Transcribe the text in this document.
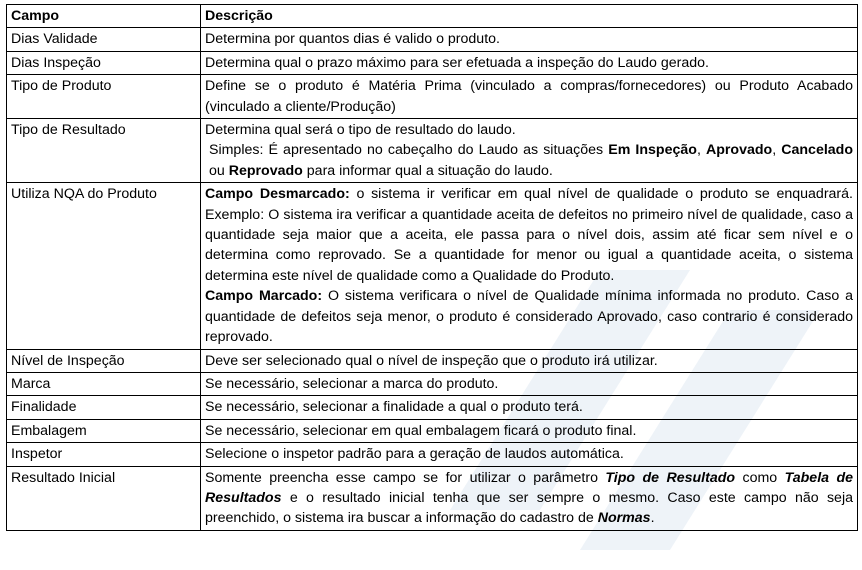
Campo	Descrição
Dias Validade	Determina por quantos dias é valido o produto.
Dias Inspeção	Determina qual o prazo máximo para ser efetuada a inspeção do Laudo gerado.
Tipo de Produto	Define se o produto é Matéria Prima (vinculado a compras/fornecedores) ou Produto Acabado (vinculado a cliente/Produção)
Tipo de Resultado	Determina qual será o tipo de resultado do laudo.

Simples: É apresentado no cabeçalho do Laudo as situações Em Inspeção, Aprovado, Cancelado ou Reprovado para informar qual a situação do laudo.

Utiliza NQA do Produto	Campo Desmarcado: o sistema ir verificar em qual nível de qualidade o produto se enquadrará. Exemplo: O sistema ira verificar a quantidade aceita de defeitos no primeiro nível de qualidade, caso a quantidade seja maior que a aceita, ele passa para o nível dois, assim até ficar sem nível e o determina como reprovado. Se a quantidade for menor ou igual a quantidade aceita, o sistema determina este nível de qualidade como a Qualidade do Produto.

Campo Marcado: O sistema verificara o nível de Qualidade mínima informada no produto. Caso a quantidade de defeitos seja menor, o produto é considerado Aprovado, caso contrario é considerado reprovado.

Nível de Inspeção	Deve ser selecionado qual o nível de inspeção que o produto irá utilizar.
Marca	Se necessário, selecionar a marca do produto.
Finalidade	Se necessário, selecionar a finalidade a qual o produto terá.
Embalagem	Se necessário, selecionar em qual embalagem ficará o produto final.
Inspetor	Selecione o inspetor padrão para a geração de laudos automática.
Resultado Inicial	Somente preencha esse campo se for utilizar o parâmetro Tipo de Resultado como Tabela de Resultados e o resultado inicial tenha que ser sempre o mesmo. Caso este campo não seja preenchido, o sistema ira buscar a informação do cadastro de Normas.
